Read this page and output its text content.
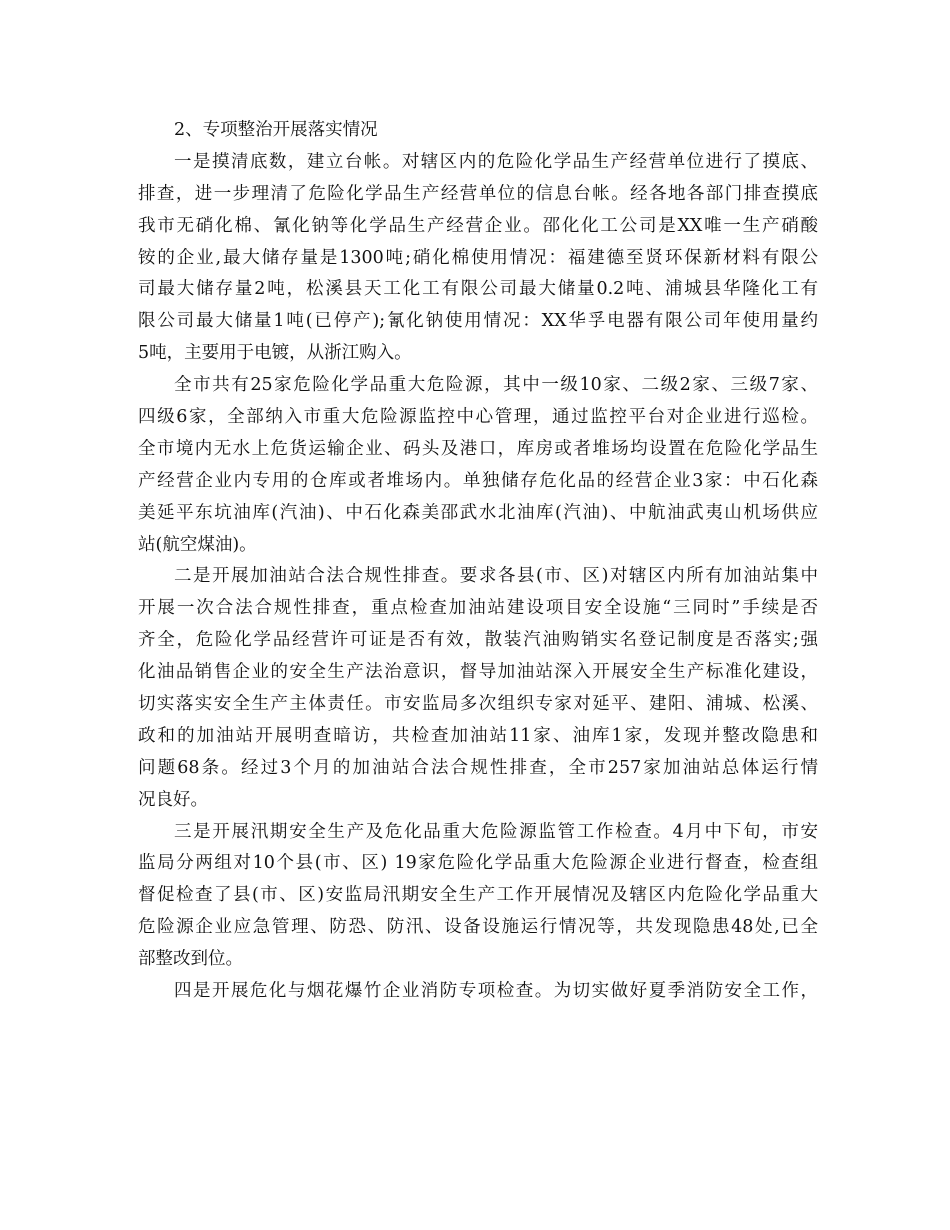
2、专项整治开展落实情况
一是摸清底数，建立台帐。对辖区内的危险化学品生产经营单位进行了摸底、
排查，进一步理清了危险化学品生产经营单位的信息台帐。经各地各部门排查摸底
我市无硝化棉、氰化钠等化学品生产经营企业。邵化化工公司是XX唯一生产硝酸
铵的企业,最大储存量是1300吨;硝化棉使用情况：福建德至贤环保新材料有限公
司最大储存量2吨，松溪县天工化工有限公司最大储量0.2吨、浦城县华隆化工有
限公司最大储量1吨(已停产);氰化钠使用情况：XX华孚电器有限公司年使用量约
5吨，主要用于电镀，从浙江购入。
全市共有25家危险化学品重大危险源，其中一级10家、二级2家、三级7家、
四级6家，全部纳入市重大危险源监控中心管理，通过监控平台对企业进行巡检。
全市境内无水上危货运输企业、码头及港口，库房或者堆场均设置在危险化学品生
产经营企业内专用的仓库或者堆场内。单独储存危化品的经营企业3家：中石化森
美延平东坑油库(汽油)、中石化森美邵武水北油库(汽油)、中航油武夷山机场供应
站(航空煤油)。
二是开展加油站合法合规性排查。要求各县(市、区)对辖区内所有加油站集中
开展一次合法合规性排查，重点检查加油站建设项目安全设施“三同时”手续是否
齐全，危险化学品经营许可证是否有效，散装汽油购销实名登记制度是否落实;强
化油品销售企业的安全生产法治意识，督导加油站深入开展安全生产标准化建设，
切实落实安全生产主体责任。市安监局多次组织专家对延平、建阳、浦城、松溪、
政和的加油站开展明查暗访，共检查加油站11家、油库1家，发现并整改隐患和
问题68条。经过3个月的加油站合法合规性排查，全市257家加油站总体运行情
况良好。
三是开展汛期安全生产及危化品重大危险源监管工作检查。4月中下旬，市安
监局分两组对10个县(市、区) 19家危险化学品重大危险源企业进行督查，检查组
督促检查了县(市、区)安监局汛期安全生产工作开展情况及辖区内危险化学品重大
危险源企业应急管理、防恐、防汛、设备设施运行情况等，共发现隐患48处,已全
部整改到位。
四是开展危化与烟花爆竹企业消防专项检查。为切实做好夏季消防安全工作，
